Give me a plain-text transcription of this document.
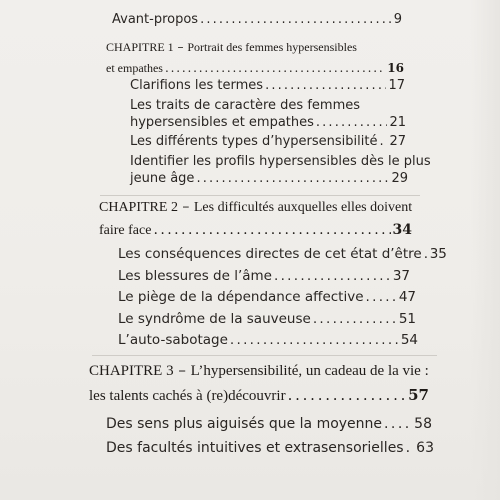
Avant-propos . . .	9
CHAPITRE 1 – Portrait des femmes hypersensibles
et empathes . . .	16
Clarifions les termes . . .	17
Les traits de caractère des femmes
hypersensibles et empathes . . .	21
Les différents types d’hypersensibilité . . . 27
Identifier les profils hypersensibles dès le plus
jeune âge . . .	29
CHAPITRE 2 – Les difficultés auxquelles elles doivent
faire face . . .	34
Les conséquences directes de cet état d’être . . . 35
Les blessures de l’âme . . .	37
Le piège de la dépendance affective . . .	47
Le syndrôme de la sauveuse . . .	51
L’auto-sabotage . . .	54
CHAPITRE 3 – L’hypersensibilité, un cadeau de la vie :
les talents cachés à (re)découvrir . . .	57
Des sens plus aiguisés que la moyenne . . . 58
Des facultés intuitives et extrasensorielles . . . 63
